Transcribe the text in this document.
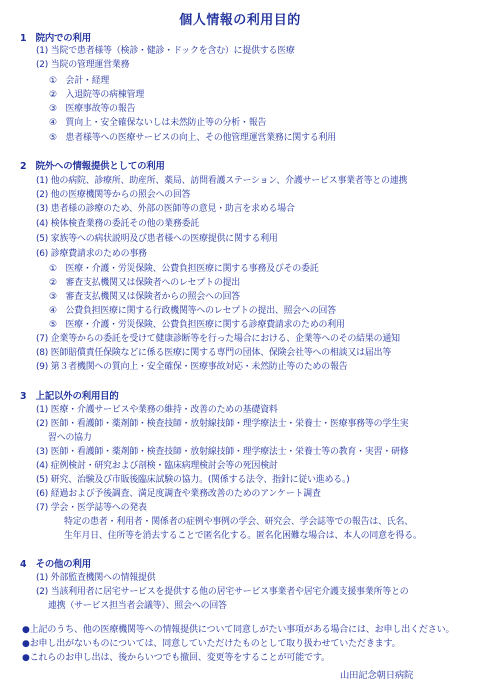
個人情報の利用目的
1　院内での利用
(1) 当院で患者様等（検診・健診・ドックを含む）に提供する医療
(2) 当院の管理運営業務
①　会計・経理
②　入退院等の病棟管理
③　医療事故等の報告
④　質向上・安全確保ないしは未然防止等の分析・報告
⑤　患者様等への医療サービスの向上、その他管理運営業務に関する利用
2　院外への情報提供としての利用
(1) 他の病院、診療所、助産所、薬局、訪問看護ステーション、介護サービス事業者等との連携
(2) 他の医療機関等からの照会への回答
(3) 患者様の診療のため、外部の医師等の意見・助言を求める場合
(4) 検体検査業務の委託その他の業務委託
(5) 家族等への病状説明及び患者様への医療提供に関する利用
(6) 診療費請求のための事務
①　医療・介護・労災保険、公費負担医療に関する事務及びその委託
②　審査支払機関又は保険者へのレセプトの提出
③　審査支払機関又は保険者からの照会への回答
④　公費負担医療に関する行政機関等へのレセプトの提出、照会への回答
⑤　医療・介護・労災保険、公費負担医療に関する診療費請求のための利用
(7) 企業等からの委託を受けて健康診断等を行った場合における、企業等へのその結果の通知
(8) 医師賠償責任保険などに係る医療に関する専門の団体、保険会社等への相談又は届出等
(9) 第３者機関への質向上・安全確保・医療事故対応・未然防止等のための報告
3　上記以外の利用目的
(1) 医療・介護サービスや業務の維持・改善のための基礎資料
(2) 医師・看護師・薬剤師・検査技師・放射線技師・理学療法士・栄養士・医療事務等の学生実
習への協力
(3) 医師・看護師・薬剤師・検査技師・放射線技師・理学療法士・栄養士等の教育・実習・研修
(4) 症例検討・研究および剖検・臨床病理検討会等の死因検討
(5) 研究、治験及び市販後臨床試験の協力。(関係する法令、指針に従い進める。)
(6) 経過および予後調査、満足度調査や業務改善のためのアンケート調査
(7) 学会・医学誌等への発表
特定の患者・利用者・関係者の症例や事例の学会、研究会、学会誌等での報告は、氏名、
生年月日、住所等を消去することで匿名化する。匿名化困難な場合は、本人の同意を得る。
4　その他の利用
(1) 外部監査機関への情報提供
(2) 当該利用者に居宅サービスを提供する他の居宅サービス事業者や居宅介護支援事業所等との
連携（サービス担当者会議等）、照会への回答
●上記のうち、他の医療機関等への情報提供について同意しがたい事項がある場合には、お申し出ください。
●お申し出がないものについては、同意していただけたものとして取り扱わせていただきます。
●これらのお申し出は、後からいつでも撤回、変更等をすることが可能です。
山田記念朝日病院
